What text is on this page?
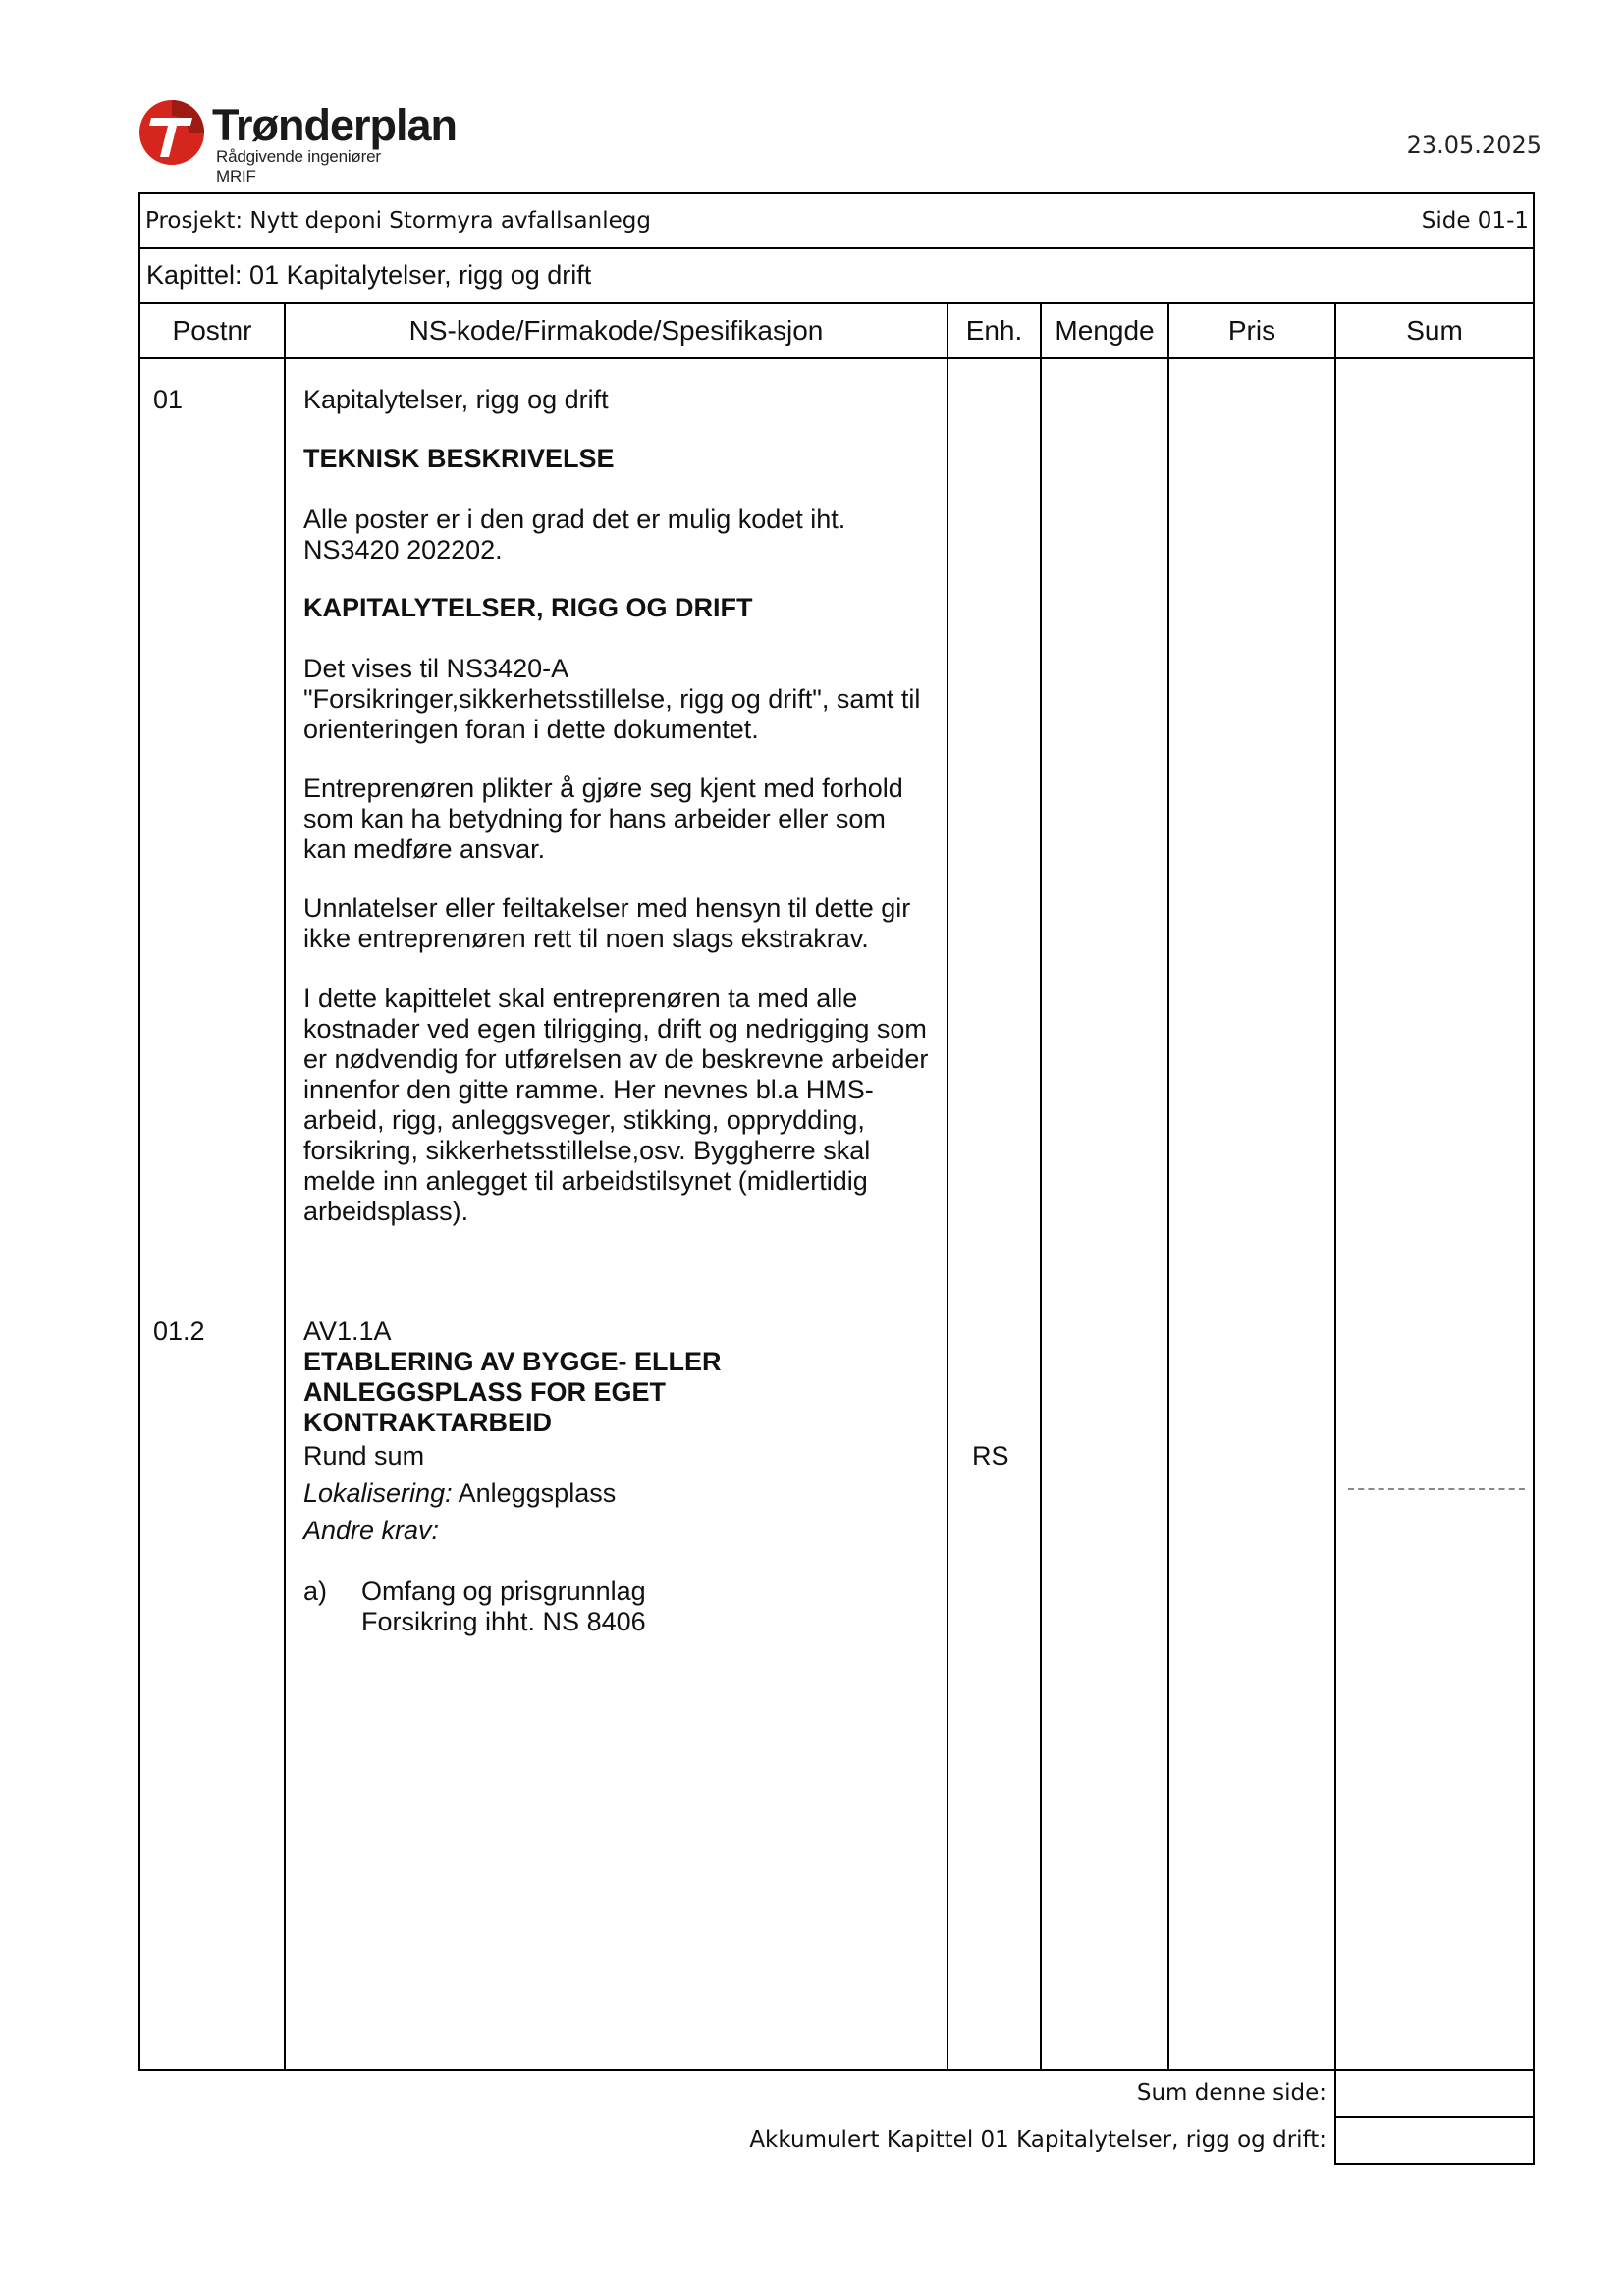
Trønderplan
Rådgivende ingeniører MRIF
23.05.2025
Prosjekt: Nytt deponi Stormyra avfallsanlegg	Side 01-1
Kapittel: 01 Kapitalytelser, rigg og drift
Postnr	NS-kode/Firmakode/Spesifikasjon	Enh.	Mengde	Pris	Sum
01	Kapitalytelser, rigg og drift
TEKNISK BESKRIVELSE
Alle poster er i den grad det er mulig kodet iht.
NS3420 202202.
KAPITALYTELSER, RIGG OG DRIFT
Det vises til NS3420-A
"Forsikringer,sikkerhetsstillelse, rigg og drift", samt til
orienteringen foran i dette dokumentet.
Entreprenøren plikter å gjøre seg kjent med forhold
som kan ha betydning for hans arbeider eller som
kan medføre ansvar.
Unnlatelser eller feiltakelser med hensyn til dette gir
ikke entreprenøren rett til noen slags ekstrakrav.
I dette kapittelet skal entreprenøren ta med alle
kostnader ved egen tilrigging, drift og nedrigging som
er nødvendig for utførelsen av de beskrevne arbeider
innenfor den gitte ramme. Her nevnes bl.a HMS-
arbeid, rigg, anleggsveger, stikking, opprydding,
forsikring, sikkerhetsstillelse,osv. Byggherre skal
melde inn anlegget til arbeidstilsynet (midlertidig
arbeidsplass).
01.2	AV1.1A
ETABLERING AV BYGGE- ELLER
ANLEGGSPLASS FOR EGET
KONTRAKTARBEID
Rund sum	RS
Lokalisering: Anleggsplass
Andre krav:
a) Omfang og prisgrunnlag
Forsikring ihht. NS 8406
Sum denne side:
Akkumulert Kapittel 01 Kapitalytelser, rigg og drift:
